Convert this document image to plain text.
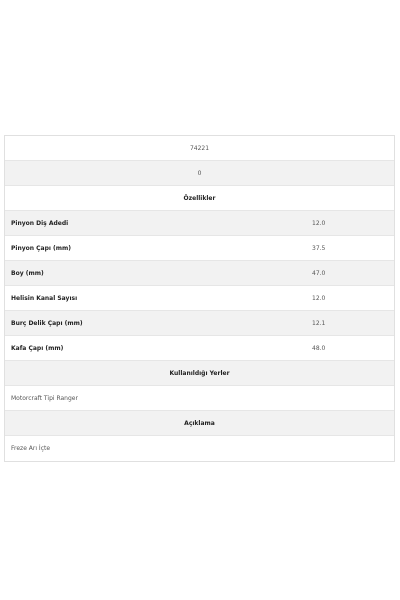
74221
0
Özellikler
Pinyon Diş Adedi	12.0
Pinyon Çapı (mm)	37.5
Boy (mm)	47.0
Helisin Kanal Sayısı	12.0
Burç Delik Çapı (mm)	12.1
Kafa Çapı (mm)	48.0
Kullanıldığı Yerler
Motorcraft Tipi Ranger
Açıklama
Freze Arı İçte
